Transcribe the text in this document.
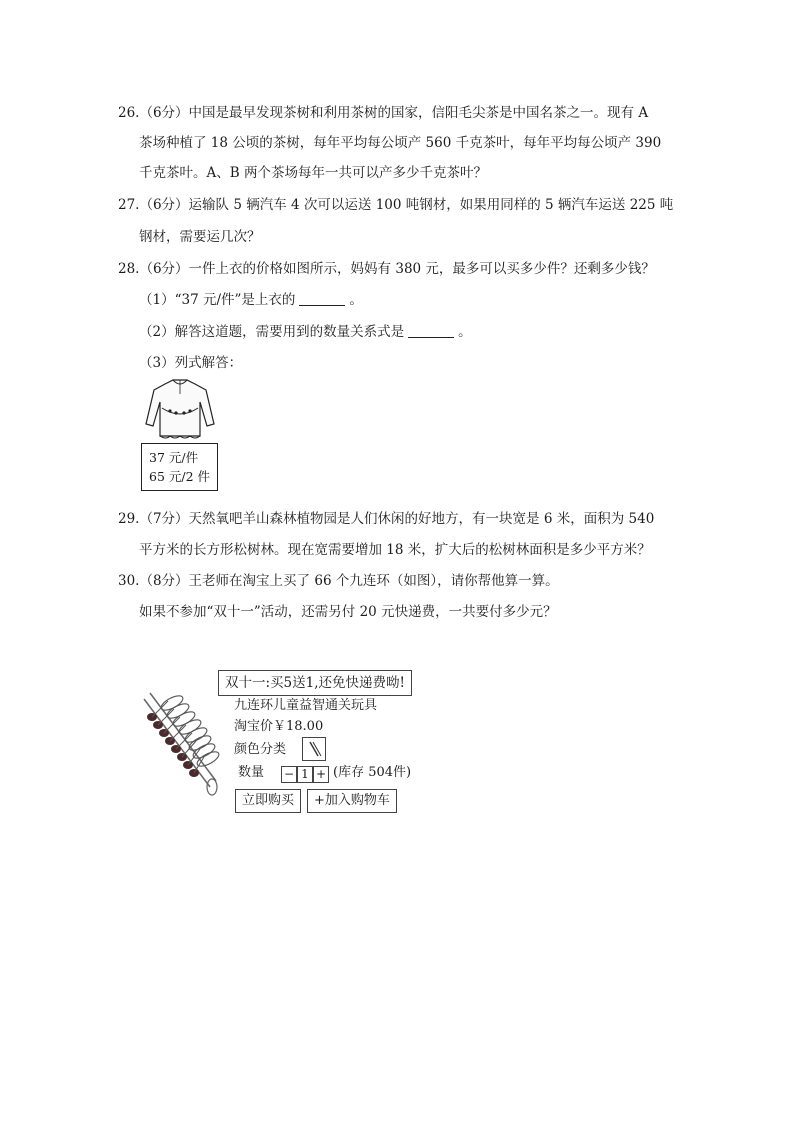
26.（6分）中国是最早发现茶树和利用茶树的国家，信阳毛尖茶是中国名茶之一。现有 A
茶场种植了 18 公顷的茶树，每年平均每公顷产 560 千克茶叶，每年平均每公顷产 390
千克茶叶。A、B 两个茶场每年一共可以产多少千克茶叶？
27.（6分）运输队 5 辆汽车 4 次可以运送 100 吨钢材，如果用同样的 5 辆汽车运送 225 吨
钢材，需要运几次？
28.（6分）一件上衣的价格如图所示，妈妈有 380 元，最多可以买多少件？还剩多少钱？
（1）“37 元/件”是上衣的	。
（2）解答这道题，需要用到的数量关系式是	。
（3）列式解答：
37 元/件
65 元/2 件
29.（7分）天然氧吧羊山森林植物园是人们休闲的好地方，有一块宽是 6 米，面积为 540
平方米的长方形松树林。现在宽需要增加 18 米，扩大后的松树林面积是多少平方米？
30.（8分）王老师在淘宝上买了 66 个九连环（如图），请你帮他算一算。
如果不参加“双十一”活动，还需另付 20 元快递费，一共要付多少元？
双十一:买5送1,还免快递费呦!
九连环儿童益智通关玩具
淘宝价￥18.00
颜色分类
数量 − 1 + (库存 504件)
立即购买	+加入购物车
